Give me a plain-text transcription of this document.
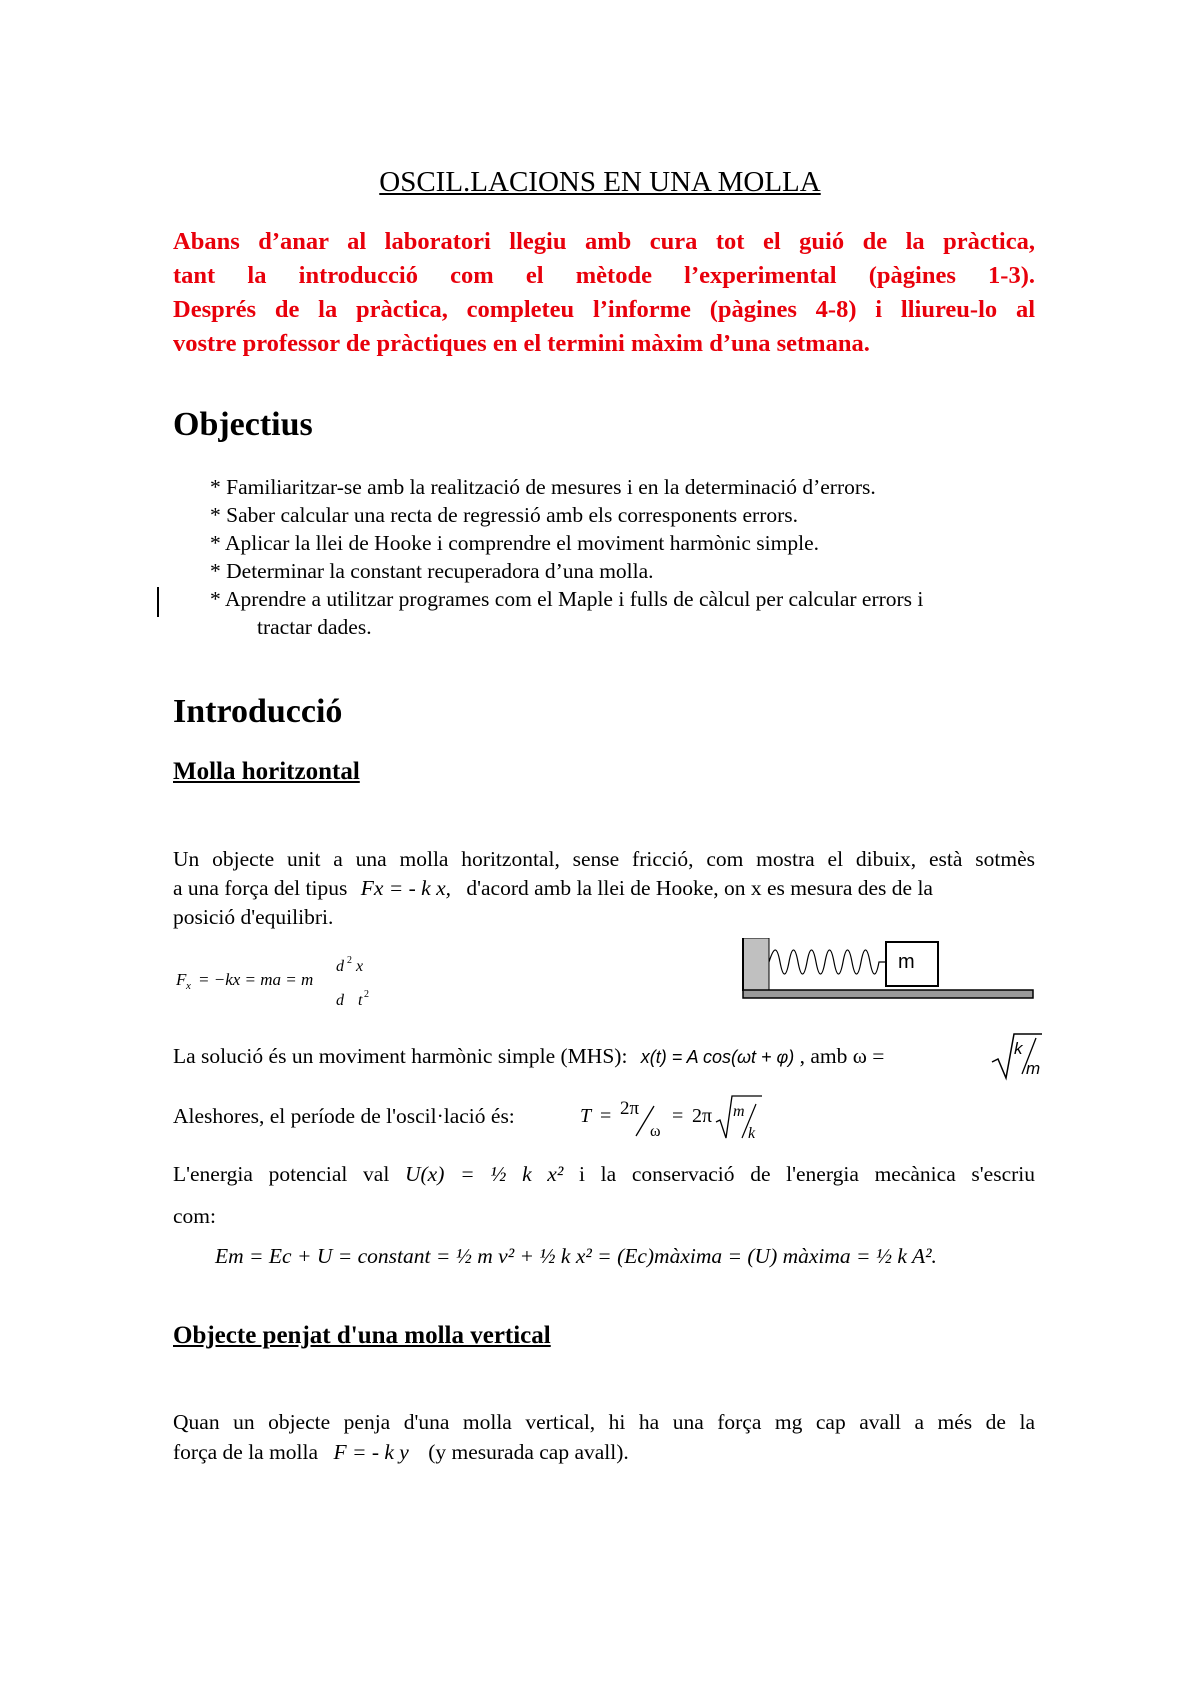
OSCIL.LACIONS EN UNA MOLLA
Abans d’anar al laboratori llegiu amb cura tot el guió de la pràctica,
tant la introducció com el mètode l’experimental (pàgines 1-3).
Després de la pràctica, completeu l’informe (pàgines 4-8) i lliureu-lo al
vostre professor de pràctiques en el termini màxim d’una setmana.
Objectius
* Familiaritzar-se amb la realització de mesures i en la determinació d’errors.
* Saber calcular una recta de regressió amb els corresponents errors.
* Aplicar la llei de Hooke i comprendre el moviment harmònic simple.
* Determinar la constant recuperadora d’una molla.
* Aprendre a utilitzar programes com el Maple i fulls de càlcul per calcular errors i
tractar dades.
Introducció
Molla horitzontal
Un objecte unit a una molla horitzontal, sense fricció, com mostra el dibuix, està sotmès
a una força del tipus Fx = - k x, d'acord amb la llei de Hooke, on x es mesura des de la
posició d'equilibri.
F x = −kx = ma = m
d 2 x
d t 2
m
La solució és un moviment harmònic simple (MHS): x(t) = A cos(ωt + φ) , amb ω =	k
m
Aleshores, el període de l'oscil·lació és:	T = 2π
ω
= 2π m
k
L'energia potencial val U(x) = ½ k x² i la conservació de l'energia mecànica s'escriu
com:
Em = Ec + U = constant = ½ m v² + ½ k x² = (Ec)màxima = (U) màxima = ½ k A².
Objecte penjat d'una molla vertical
Quan un objecte penja d'una molla vertical, hi ha una força mg cap avall a més de la
força de la molla F = - k y (y mesurada cap avall).
